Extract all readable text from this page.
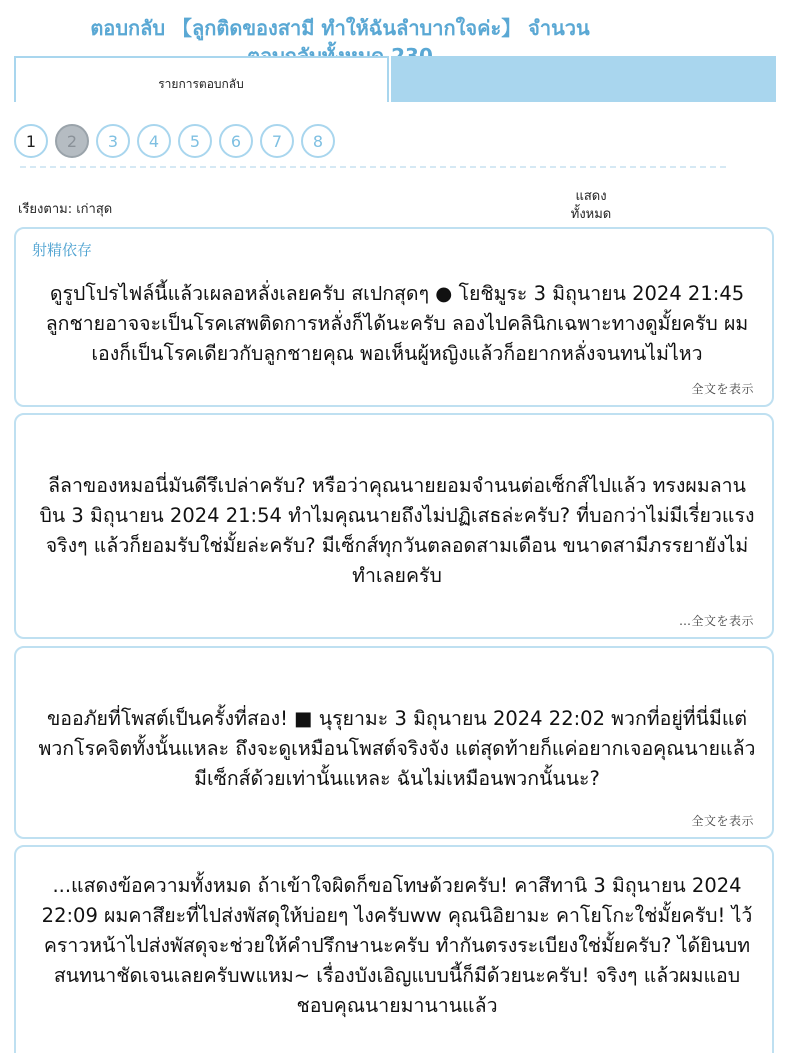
ตอบกลับ 【ลูกติดของสามี ทำให้ฉันลำบากใจค่ะ】 จำนวน
รายการตอบกลับ
1	2	3	4	5	6	7	8
เรียงตาม: เก่าสุด
แสดงทั้งหมด
射精依存
ดูรูปโปรไฟล์นี้แล้วเผลอหลั่งเลยครับ สเปกสุดๆ ● โยชิมูระ 3 มิถุนายน 2024 21:45 ลูกชายอาจจะเป็นโรคเสพติดการหลั่งก็ได้นะครับ ลองไปคลินิกเฉพาะทางดูมั้ยครับ ผมเองก็เป็นโรคเดียวกับลูกชายคุณ พอเห็นผู้หญิงแล้วก็อยากหลั่งจนทนไม่ไหว
全文を表示
ลีลาของหมอนี่มันดีรึเปล่าครับ? หรือว่าคุณนายยอมจำนนต่อเซ็กส์ไปแล้ว ทรงผมลานบิน 3 มิถุนายน 2024 21:54 ทำไมคุณนายถึงไม่ปฏิเสธล่ะครับ? ที่บอกว่าไม่มีเรี่ยวแรง จริงๆ แล้วก็ยอมรับใช่มั้ยล่ะครับ? มีเซ็กส์ทุกวันตลอดสามเดือน ขนาดสามีภรรยายังไม่ทำเลยครับ
…全文を表示
ขออภัยที่โพสต์เป็นครั้งที่สอง! ■ นุรุยามะ 3 มิถุนายน 2024 22:02 พวกที่อยู่ที่นี่มีแต่พวกโรคจิตทั้งนั้นแหละ ถึงจะดูเหมือนโพสต์จริงจัง แต่สุดท้ายก็แค่อยากเจอคุณนายแล้วมีเซ็กส์ด้วยเท่านั้นแหละ ฉันไม่เหมือนพวกนั้นนะ?
全文を表示
...แสดงข้อความทั้งหมด ถ้าเข้าใจผิดก็ขอโทษด้วยครับ! คาสึทานิ 3 มิถุนายน 2024 22:09 ผมคาสึยะที่ไปส่งพัสดุให้บ่อยๆ ไงครับww คุณนิอิยามะ คาโยโกะใช่มั้ยครับ! ไว้คราวหน้าไปส่งพัสดุจะช่วยให้คำปรึกษานะครับ ทำกันตรงระเบียงใช่มั้ยครับ? ได้ยินบทสนทนาชัดเจนเลยครับwแหม~ เรื่องบังเอิญแบบนี้ก็มีด้วยนะครับ! จริงๆ แล้วผมแอบชอบคุณนายมานานแล้ว
